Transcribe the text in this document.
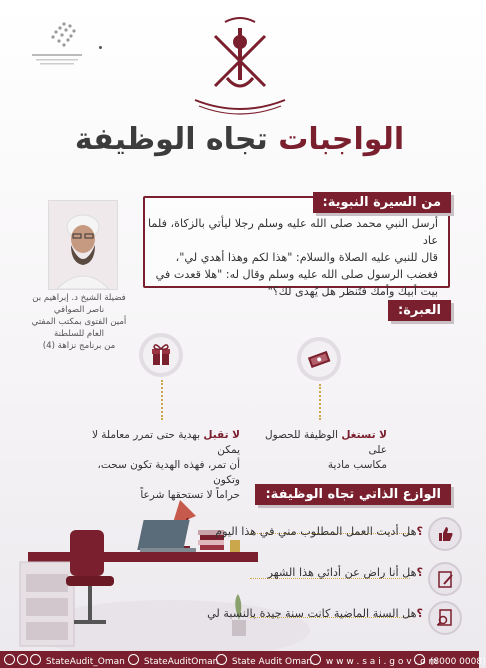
الواجبات تجاه الوظيفة
من السيرة النبوية:
أرسل النبي محمد صلى الله عليه وسلم رجلا ليأتي بالزكاة، فلما عاد
قال للنبي عليه الصلاة والسلام: "هذا لكم وهذا أهدي لي"،
فغضب الرسول صلى الله عليه وسلم وقال له: "هلا قعدت في
بيت أبيك وأمك فتُنظر هل يُهدى لك؟"
فضيلة الشيخ د. إبراهيم بن ناصر الصوافي
أمين الفتوى بمكتب المفتي العام للسلطنة
من برنامج نزاهة (4)
العبرة:
لا تستغل الوظيفة للحصول على
مكاسب مادية
لا تقبل بهدية حتى تمرر معاملة لا يمكن
أن تمر، فهذه الهدية تكون سحت، وتكون
حراماً لا تستحقها شرعاً	الوازع الذاتي تجاه الوظيفة:
؟هل أديت العمل المطلوب مني في هذا اليوم
؟هل أنا راض عن أدائي هذا الشهر
؟هل السنة الماضية كانت سنة جيدة بالنسبة لي
StateAudit_Oman	StateAuditOman	State Audit Oman	w w w . s a i . g o v . o m
(8000 0008)
